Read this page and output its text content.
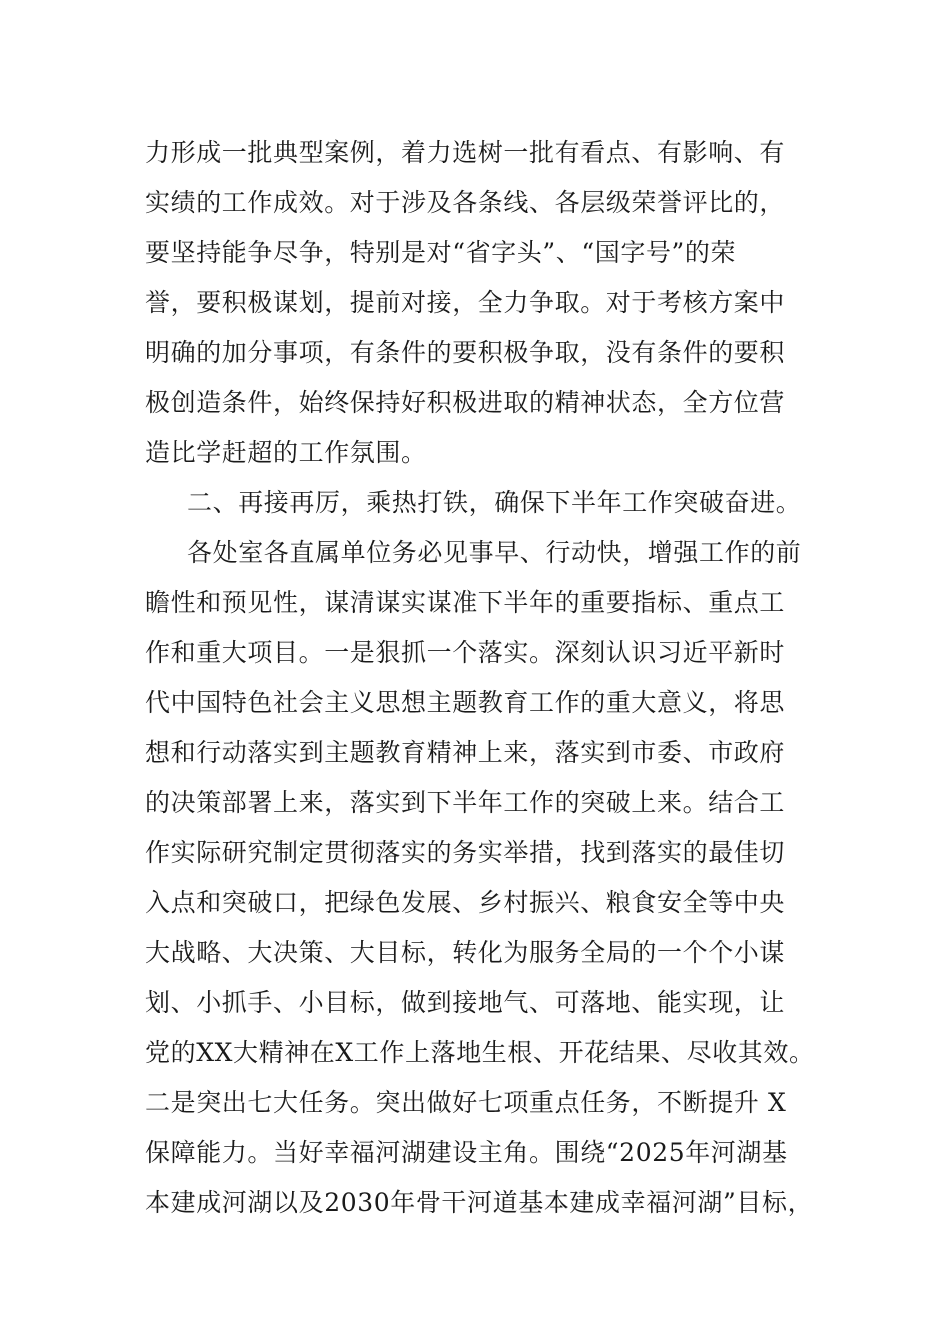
力形成一批典型案例，着力选树一批有看点、有影响、有
实绩的工作成效。对于涉及各条线、各层级荣誉评比的，
要坚持能争尽争，特别是对“省字头”、“国字号”的荣
誉，要积极谋划，提前对接，全力争取。对于考核方案中
明确的加分事项，有条件的要积极争取，没有条件的要积
极创造条件，始终保持好积极进取的精神状态，全方位营
造比学赶超的工作氛围。
二、再接再厉，乘热打铁，确保下半年工作突破奋进。
各处室各直属单位务必见事早、行动快，增强工作的前
瞻性和预见性，谋清谋实谋准下半年的重要指标、重点工
作和重大项目。一是狠抓一个落实。深刻认识习近平新时
代中国特色社会主义思想主题教育工作的重大意义，将思
想和行动落实到主题教育精神上来，落实到市委、市政府
的决策部署上来，落实到下半年工作的突破上来。结合工
作实际研究制定贯彻落实的务实举措，找到落实的最佳切
入点和突破口，把绿色发展、乡村振兴、粮食安全等中央
大战略、大决策、大目标，转化为服务全局的一个个小谋
划、小抓手、小目标，做到接地气、可落地、能实现，让
党的XX大精神在X工作上落地生根、开花结果、尽收其效。
二是突出七大任务。突出做好七项重点任务，不断提升 X
保障能力。当好幸福河湖建设主角。围绕“2025年河湖基
本建成河湖以及2030年骨干河道基本建成幸福河湖”目标，
